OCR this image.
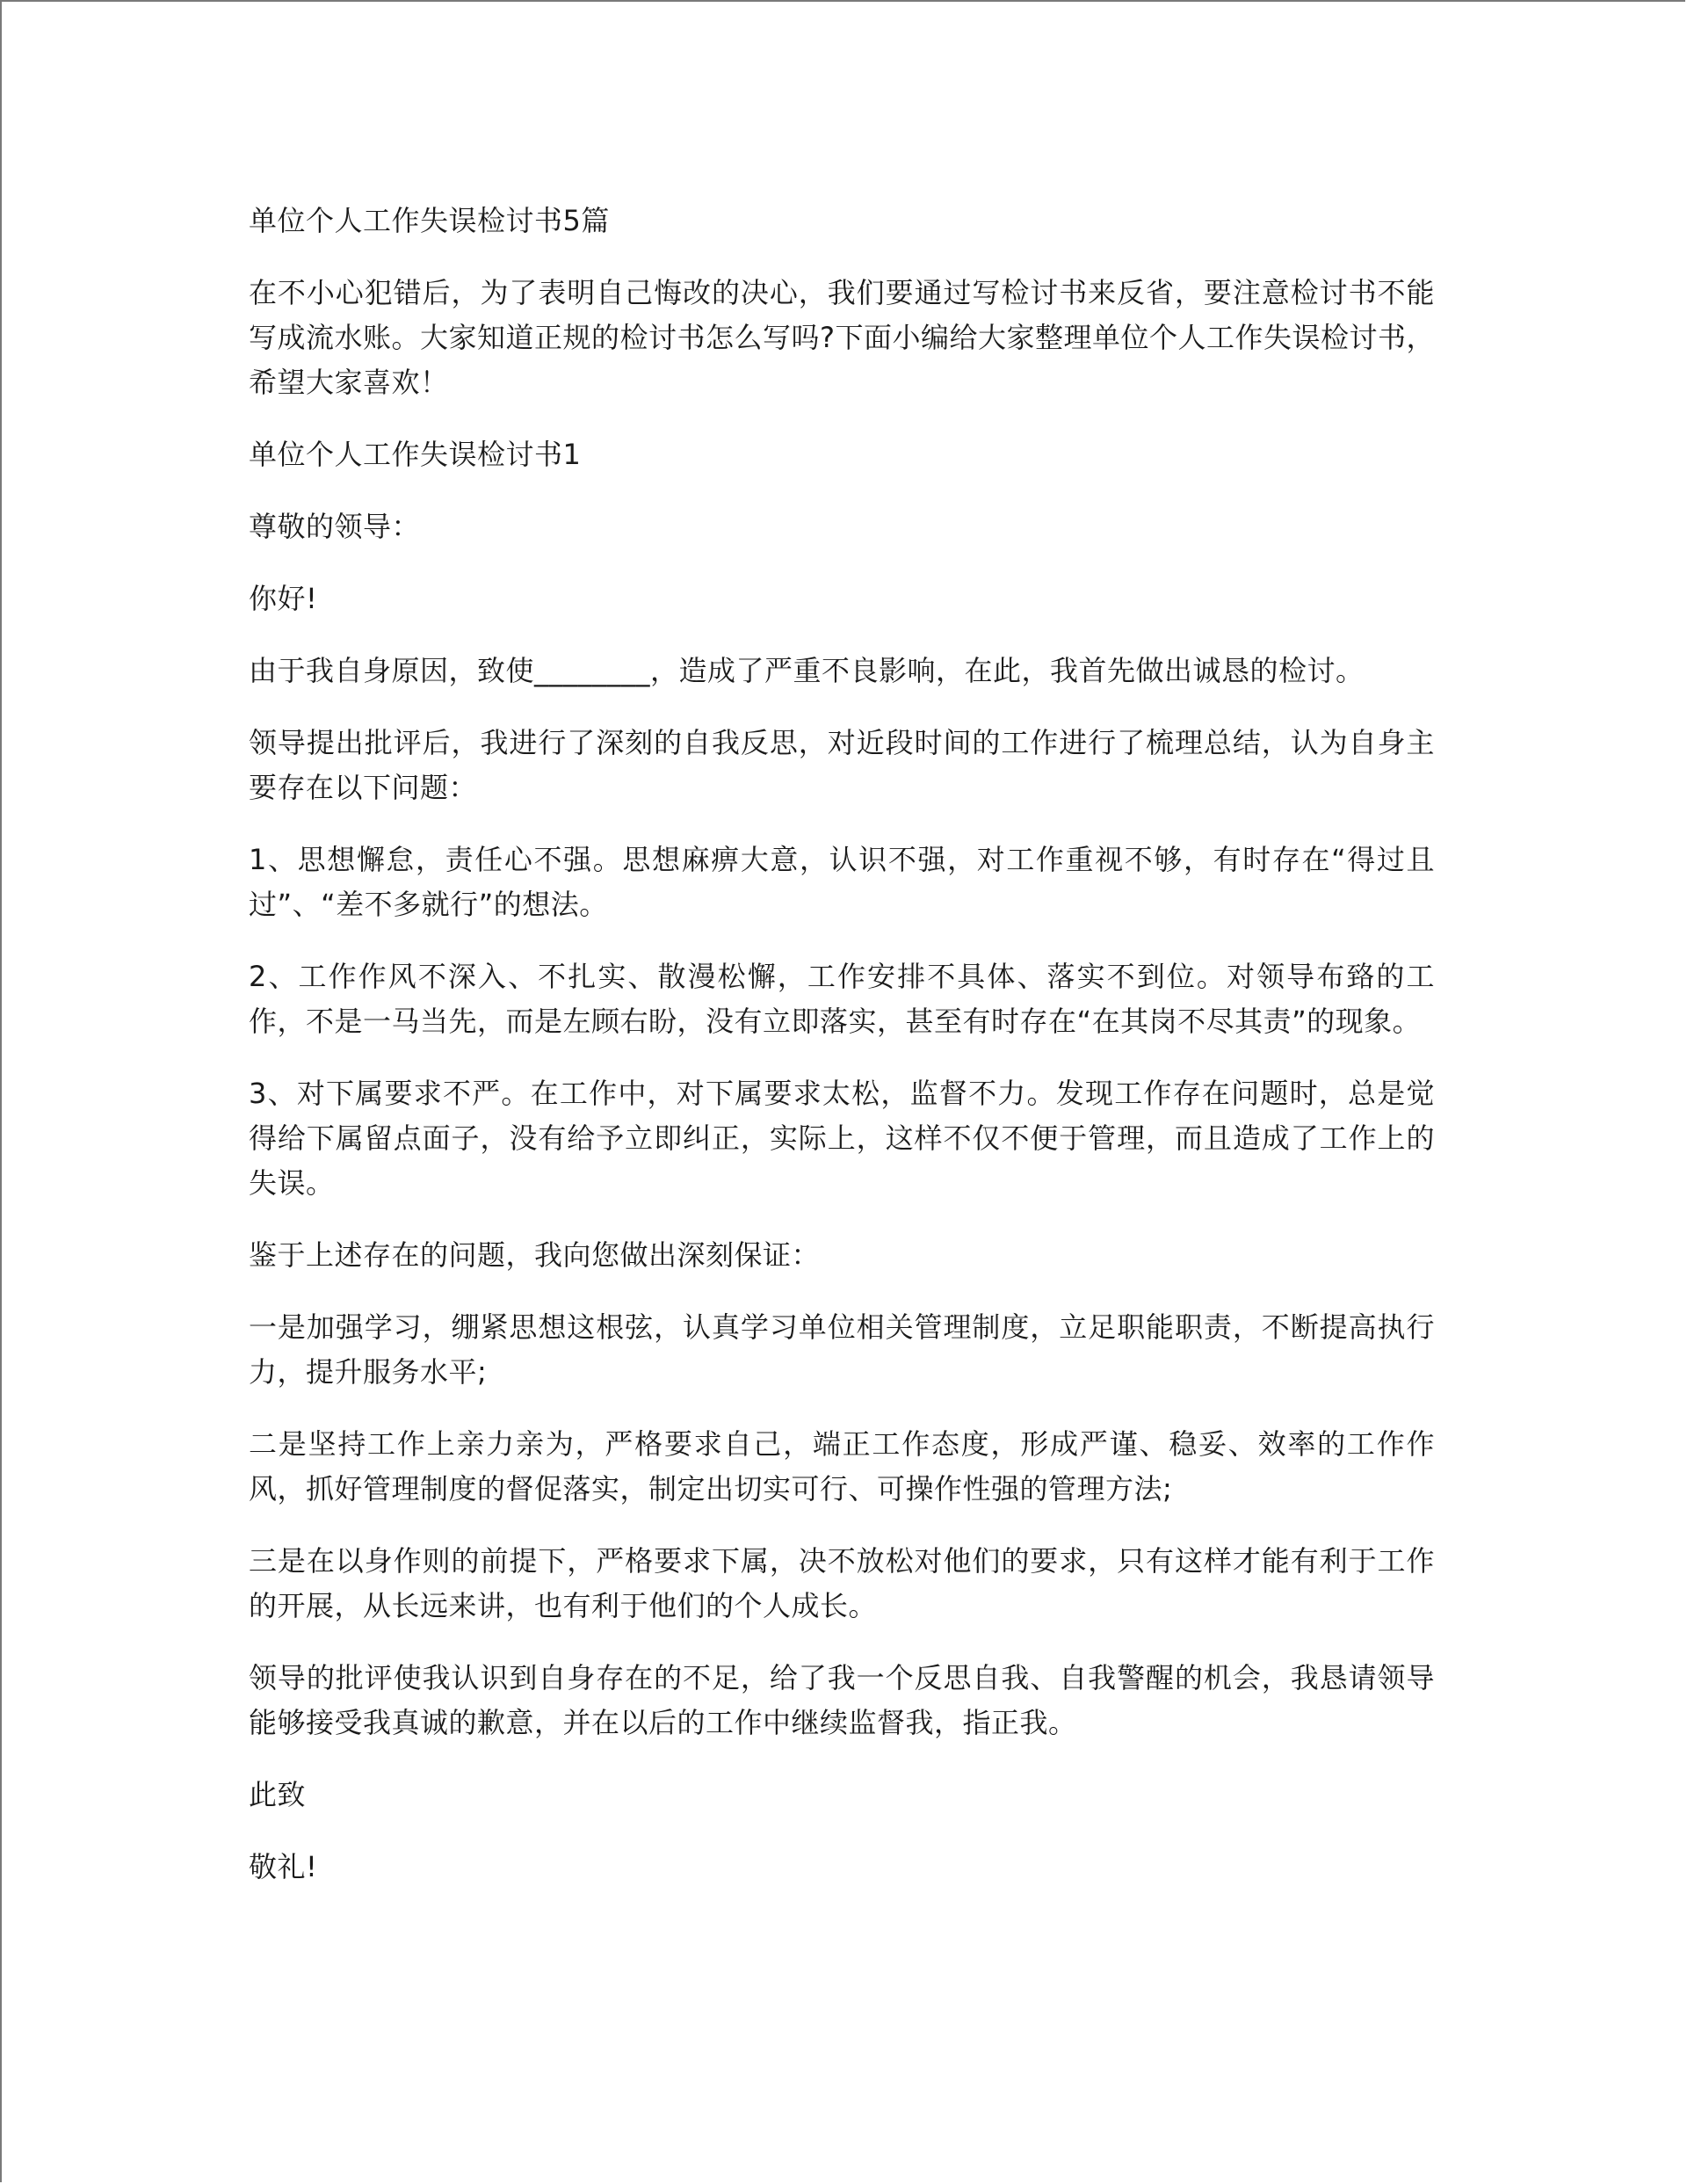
单位个人工作失误检讨书5篇

在不小心犯错后，为了表明自己悔改的决心，我们要通过写检讨书来反省，要注意检讨书不能写成流水账。大家知道正规的检讨书怎么写吗?下面小编给大家整理单位个人工作失误检讨书，希望大家喜欢！

单位个人工作失误检讨书1

尊敬的领导：

你好!

由于我自身原因，致使________，造成了严重不良影响，在此，我首先做出诚恳的检讨。

领导提出批评后，我进行了深刻的自我反思，对近段时间的工作进行了梳理总结，认为自身主要存在以下问题：

1、思想懈怠，责任心不强。思想麻痹大意，认识不强，对工作重视不够，有时存在“得过且过”、“差不多就行”的想法。

2、工作作风不深入、不扎实、散漫松懈，工作安排不具体、落实不到位。对领导布臵的工作，不是一马当先，而是左顾右盼，没有立即落实，甚至有时存在“在其岗不尽其责”的现象。

3、对下属要求不严。在工作中，对下属要求太松，监督不力。发现工作存在问题时，总是觉得给下属留点面子，没有给予立即纠正，实际上，这样不仅不便于管理，而且造成了工作上的失误。

鉴于上述存在的问题，我向您做出深刻保证：

一是加强学习，绷紧思想这根弦，认真学习单位相关管理制度，立足职能职责，不断提高执行力，提升服务水平;

二是坚持工作上亲力亲为，严格要求自己，端正工作态度，形成严谨、稳妥、效率的工作作风，抓好管理制度的督促落实，制定出切实可行、可操作性强的管理方法;

三是在以身作则的前提下，严格要求下属，决不放松对他们的要求，只有这样才能有利于工作的开展，从长远来讲，也有利于他们的个人成长。

领导的批评使我认识到自身存在的不足，给了我一个反思自我、自我警醒的机会，我恳请领导能够接受我真诚的歉意，并在以后的工作中继续监督我，指正我。

此致

敬礼!
